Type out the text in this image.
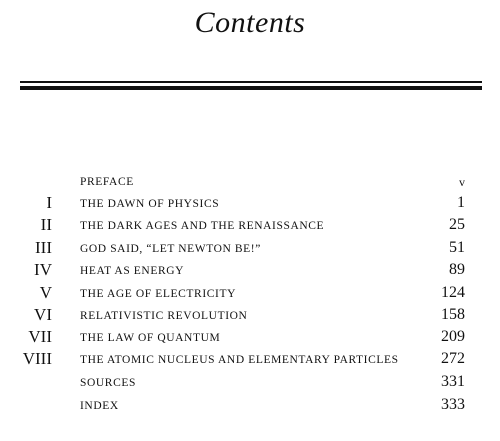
Contents
PREFACE	v
I THE DAWN OF PHYSICS	1
II THE DARK AGES AND THE RENAISSANCE	25
III GOD SAID, “LET NEWTON BE!”	51
IV HEAT AS ENERGY	89
V THE AGE OF ELECTRICITY	124
VI RELATIVISTIC REVOLUTION	158
VII THE LAW OF QUANTUM	209
VIII THE ATOMIC NUCLEUS AND ELEMENTARY PARTICLES	272
SOURCES	331
INDEX	333
